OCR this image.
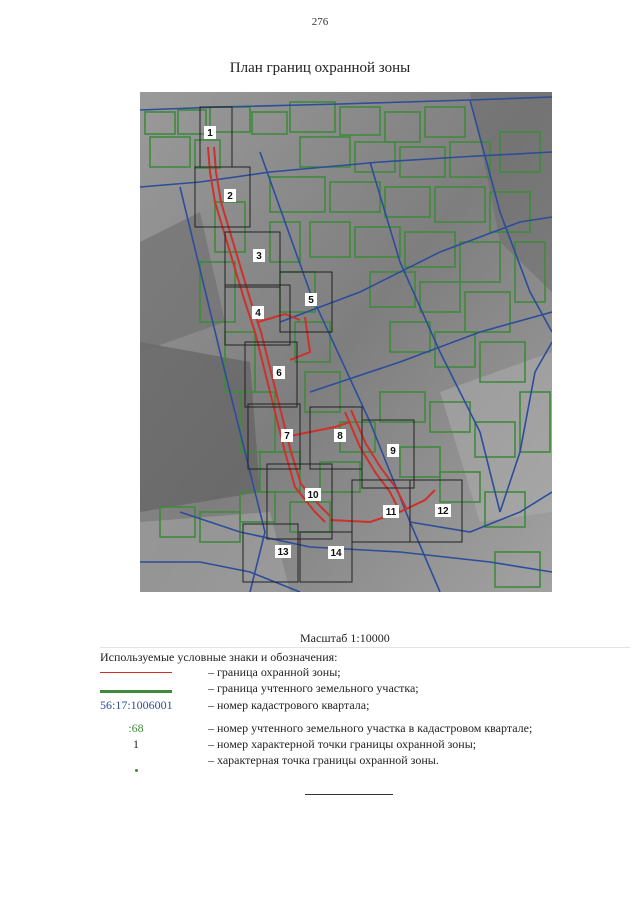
276
План границ охранной зоны
1
2
3
4
5
6
7	8
9
10
11	12
13	14
Масштаб 1:10000
Используемые условные знаки и обозначения:
– граница охранной зоны;
– граница учтенного земельного участка;
56:17:1006001	– номер кадастрового квартала;
:68	– номер учтенного земельного участка в кадастровом квартале;
1	– номер характерной точки границы охранной зоны;
– характерная точка границы охранной зоны.
